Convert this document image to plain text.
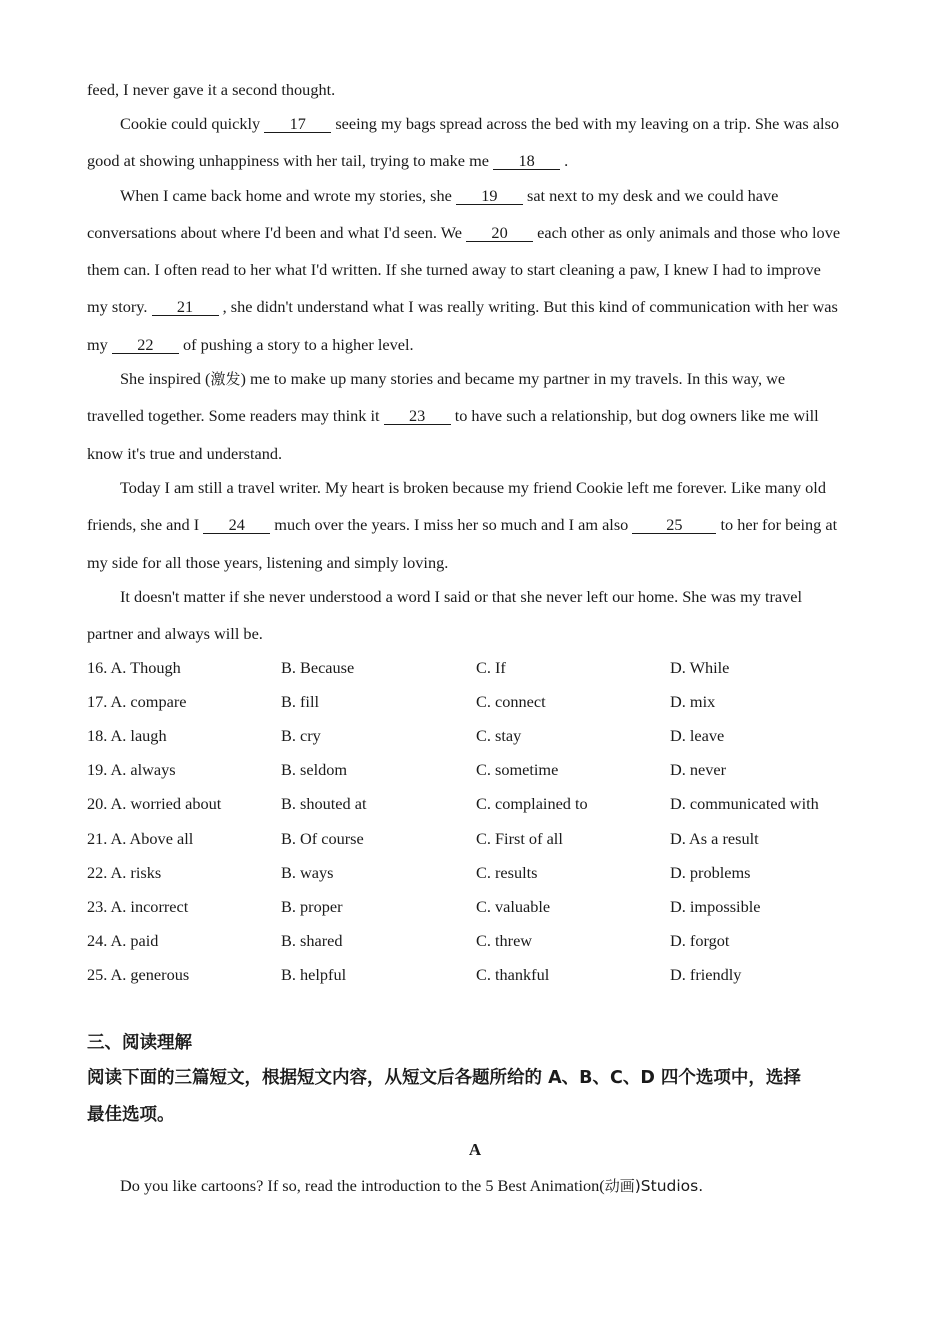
feed, I never gave it a second thought.
Cookie could quickly 17 seeing my bags spread across the bed with my leaving on a trip. She was also
good at showing unhappiness with her tail, trying to make me 18 .
When I came back home and wrote my stories, she 19 sat next to my desk and we could have
conversations about where I'd been and what I'd seen. We 20 each other as only animals and those who love
them can. I often read to her what I'd written. If she turned away to start cleaning a paw, I knew I had to improve
my story. 21 , she didn't understand what I was really writing. But this kind of communication with her was
my 22 of pushing a story to a higher level.
She inspired (激发) me to make up many stories and became my partner in my travels. In this way, we
travelled together. Some readers may think it 23 to have such a relationship, but dog owners like me will
know it's true and understand.
Today I am still a travel writer. My heart is broken because my friend Cookie left me forever. Like many old
friends, she and I 24 much over the years. I miss her so much and I am also 25 to her for being at
my side for all those years, listening and simply loving.
It doesn't matter if she never understood a word I said or that she never left our home. She was my travel
partner and always will be.
16. A. Though	B. Because	C. If	D. While
17. A. compare	B. fill	C. connect	D. mix
18. A. laugh	B. cry	C. stay	D. leave
19. A. always	B. seldom	C. sometime	D. never
20. A. worried about	B. shouted at	C. complained to	D. communicated with
21. A. Above all	B. Of course	C. First of all	D. As a result
22. A. risks	B. ways	C. results	D. problems
23. A. incorrect	B. proper	C. valuable	D. impossible
24. A. paid	B. shared	C. threw	D. forgot
25. A. generous	B. helpful	C. thankful	D. friendly
三、阅读理解
阅读下面的三篇短文，根据短文内容，从短文后各题所给的 A、B、C、D 四个选项中，选择
最佳选项。
A
Do you like cartoons? If so, read the introduction to the 5 Best Animation(动画)Studios.
